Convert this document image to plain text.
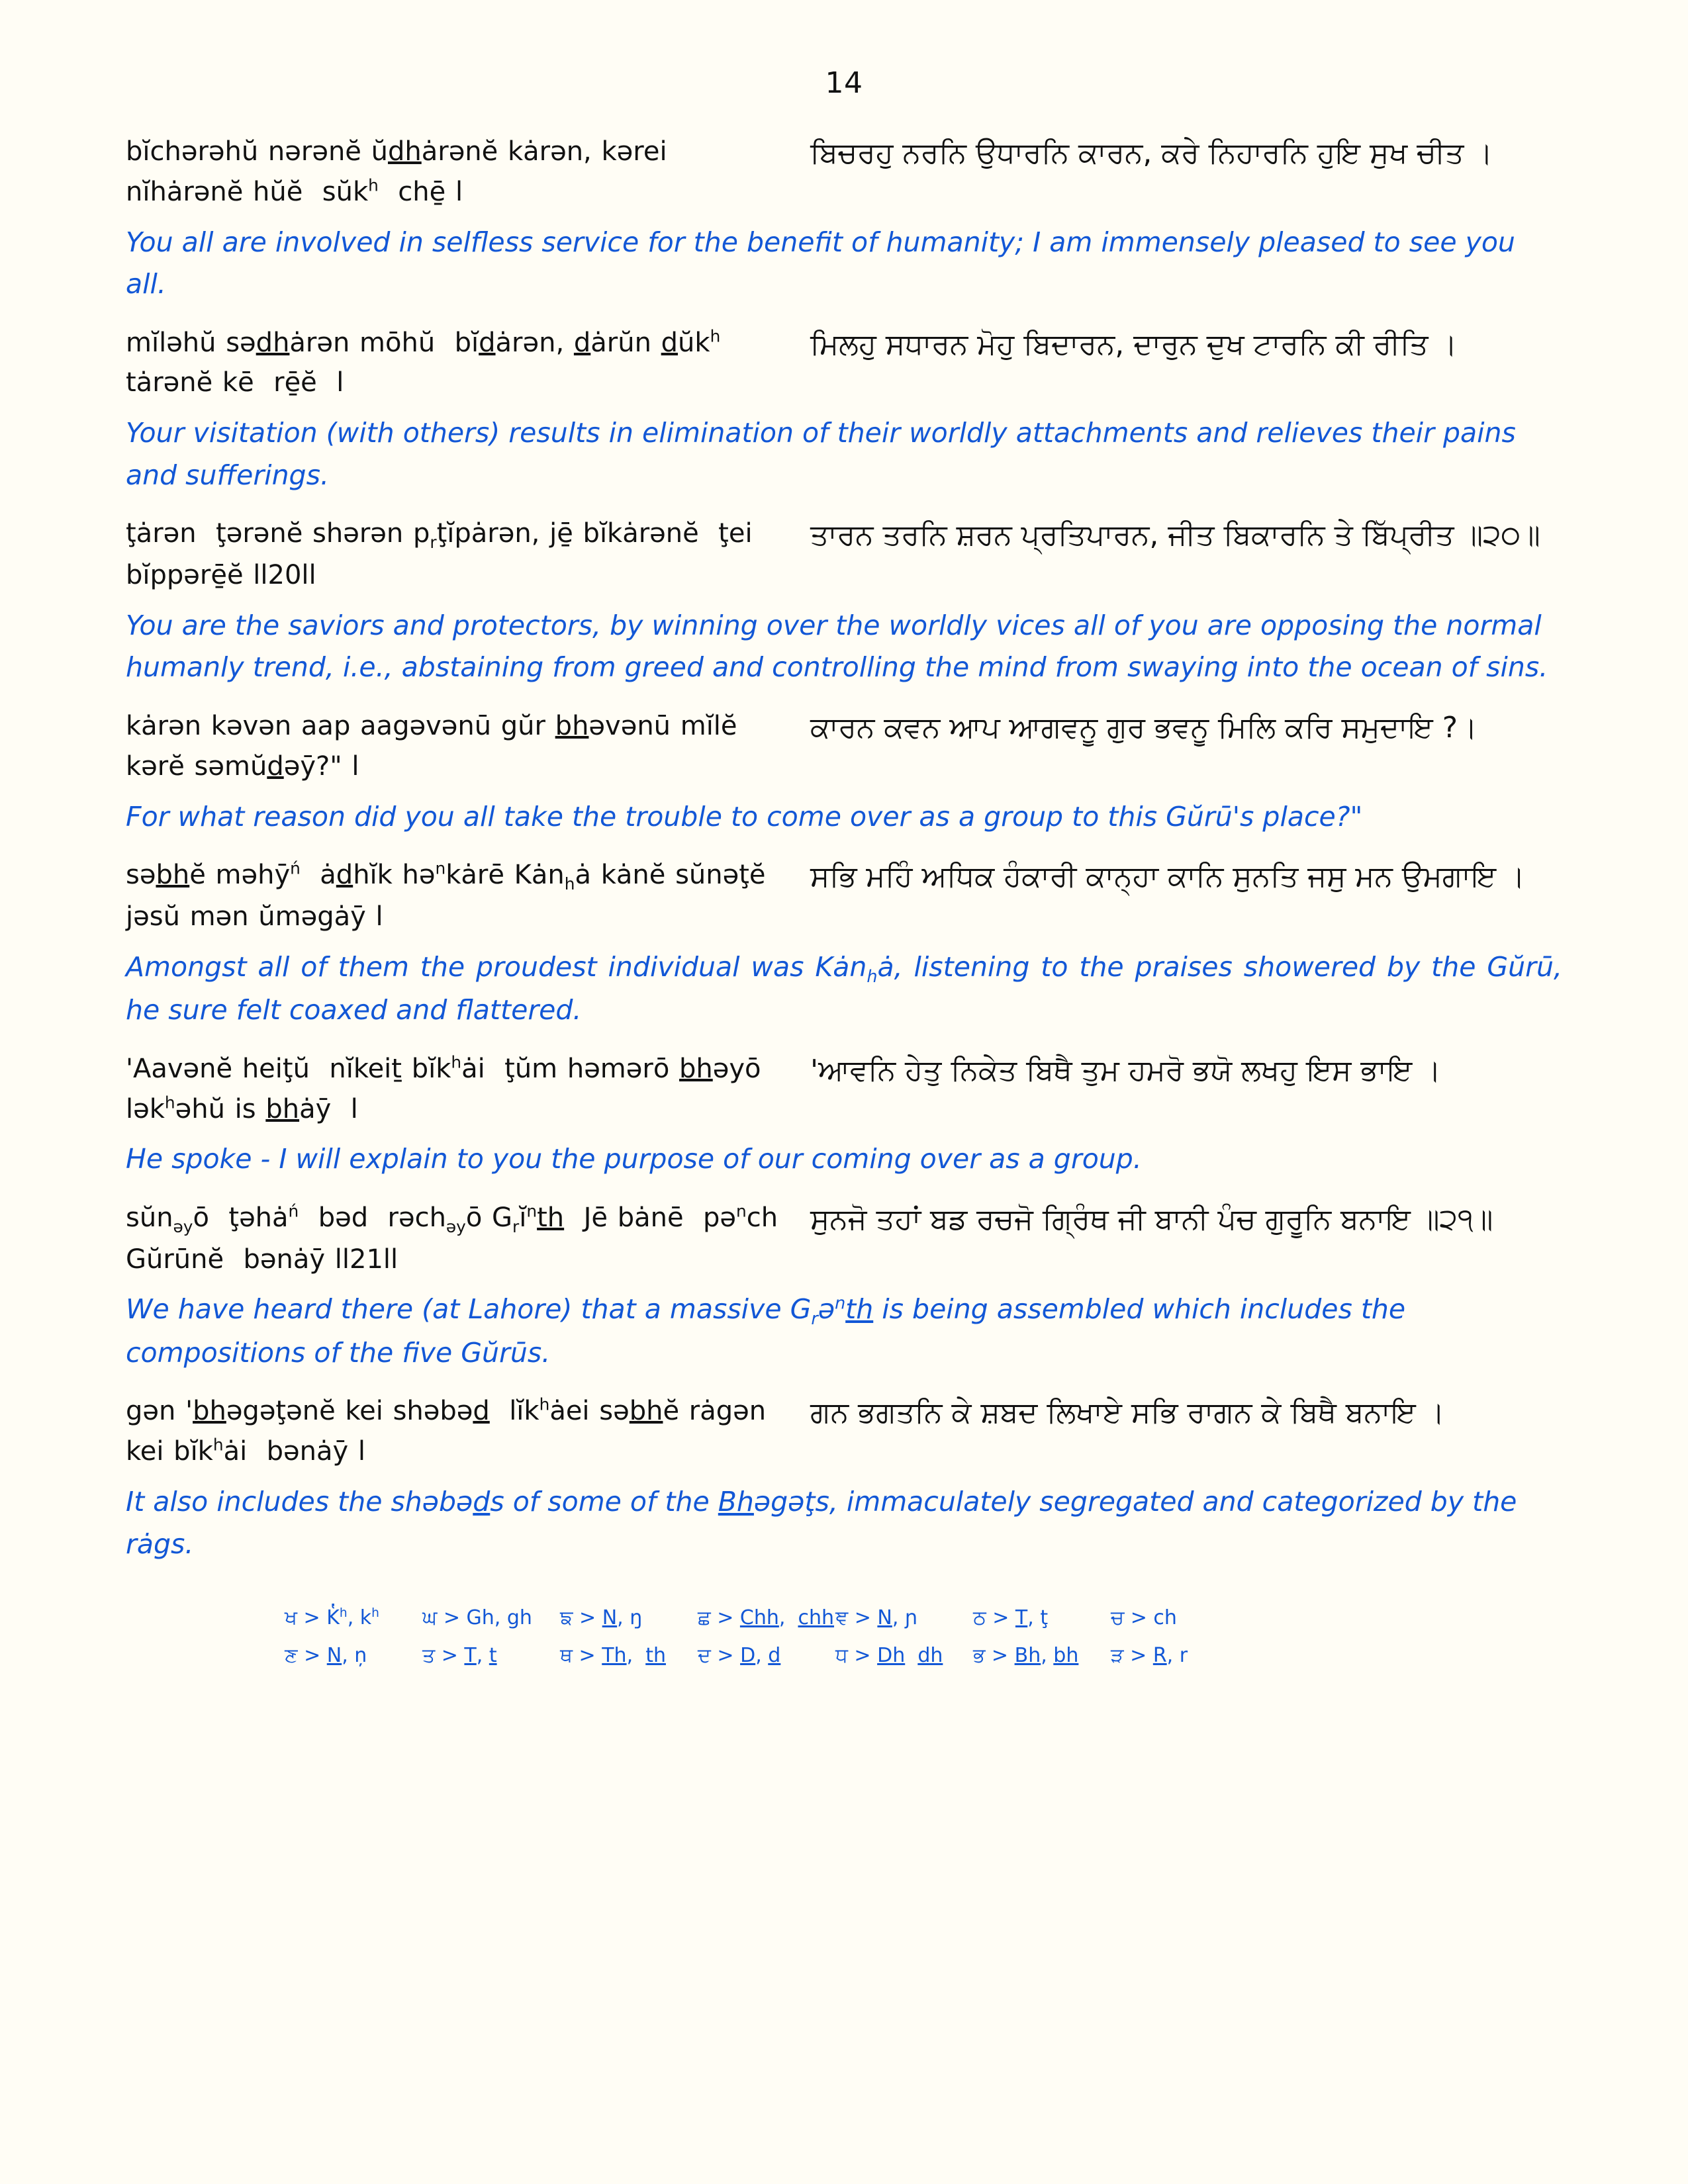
14
bĭchərəhŭ nərənĕ ŭdhȧrənĕ kȧrən, kərei nĭhȧrənĕ hŭĕ  sŭk$^h$  chē̱ l
ਬਿਚਰਹੁ ਨਰਨਿ ਉਧਾਰਨਿ ਕਾਰਨ, ਕਰੇ ਨਿਹਾਰਨਿ ਹੁਇ ਸੁਖ ਚੀਤ ।
You all are involved in selfless service for the benefit of humanity; I am immensely pleased to see you all.
mĭləhŭ sədhȧrən mōhŭ  bĭdȧrən, dȧrŭn dŭk$^h$  tȧrənĕ kē  rē̱ĕ  l
ਮਿਲਹੁ ਸਧਾਰਨ ਮੋਹੁ ਬਿਦਾਰਨ, ਦਾਰੁਨ ਦੁਖ ਟਾਰਨਿ ਕੀ ਰੀਤਿ ।
Your visitation (with others) results in elimination of their worldly attachments and relieves their pains and sufferings.
ţȧrən  ţərənĕ shərən $p_rţĭpȧrən$, jē̱ bĭkȧrənĕ  ţei bĭppərē̱ĕ ll20ll
ਤਾਰਨ ਤਰਨਿ ਸ਼ਰਨ ਪ੍ਰਤਿਪਾਰਨ, ਜੀਤ ਬਿਕਾਰਨਿ ਤੇ ਬਿੱਪ੍ਰੀਤ ॥੨੦॥
You are the saviors and protectors, by winning over the worldly vices all of you are opposing the normal humanly trend, i.e., abstaining from greed and controlling the mind from swaying into the ocean of sins.
kȧrən kəvən aap aagəvənū gŭr bhəvənū mĭlĕ kərĕ səmŭdəȳ?" l
ਕਾਰਨ ਕਵਨ ਆਪ ਆਗਵਨੂ ਗੁਰ ਭਵਨੂ ਮਿਲਿ ਕਰਿ ਸਮੁਦਾਇ ?।
For what reason did you all take the trouble to come over as a group to this Gŭrū's place?"
səbhĕ məhȳ$^ń$  ȧdhĭk hə$^n$kȧrē Kȧn$_h$ȧ kȧnĕ sŭnəţĕ jəsŭ mən ŭməgȧȳ l
ਸਭਿ ਮਹਿੰ ਅਧਿਕ ਹੰਕਾਰੀ ਕਾਨ੍ਹਾ ਕਾਨਿ ਸੁਨਤਿ ਜਸੁ ਮਨ ਉਮਗਾਇ ।
Amongst all of them the proudest individual was Kȧn$_h$ȧ, listening to the praises showered by the Gŭrū, he sure felt coaxed and flattered.
'Aavənĕ heiţŭ  nĭkeiṯ bĭk$^h$ȧi  ţŭm həmərō bhəyō  lək$^h$əhŭ is bhȧȳ  l
'ਆਵਨਿ ਹੇਤੁ ਨਿਕੇਤ ਬਿਥੈ ਤੁਮ ਹਮਰੋ ਭਯੋ ਲਖਹੁ ਇਸ ਭਾਇ ।
He spoke - I will explain to you the purpose of our coming over as a group.
sŭn$_{əy}$ō  ţəhȧ$^ń$  bəd  rəch$_{əy}$ō $G_rĭ^nth$  Jē bȧnē  pə$^n$ch Gŭrūnĕ  bənȧȳ ll21ll
ਸੁਨਜੋ ਤਹਾਂ ਬਡ ਰਚਜੋ ਗ੍ਰਿੰਥ ਜੀ ਬਾਨੀ ਪੰਚ ਗੁਰੂਨਿ ਬਨਾਇ ॥੨੧॥
We have heard there (at Lahore) that a massive $G_rə^nth$ is being assembled which includes the compositions of the five Gŭrūs.
gən 'bhəgəţənĕ kei shəbəd  lĭk$^h$ȧei səbhĕ rȧgən kei bĭk$^h$ȧi  bənȧȳ l
ਗਨ ਭਗਤਨਿ ਕੇ ਸ਼ਬਦ ਲਿਖਾਏ ਸਭਿ ਰਾਗਨ ਕੇ ਬਿਥੈ ਬਨਾਇ ।
It also includes the shəbəds of some of the Bhəgəţs, immaculately segregated and categorized by the rȧgs.
ਖ > K̔$^h$, $k^h$	ਘ > Gh, gh	ਙ > N, ŋ	ਛ > Chh,  chh ਞ > N, ɲ	ਠ > T, ţ	ਚ > ch
ਣ > N, ņ	ਤ > T, t	ਥ > Th,  th	ਦ > D, d	ਧ > Dh dh	ਭ > Bh, bh	ੜ > R, r
